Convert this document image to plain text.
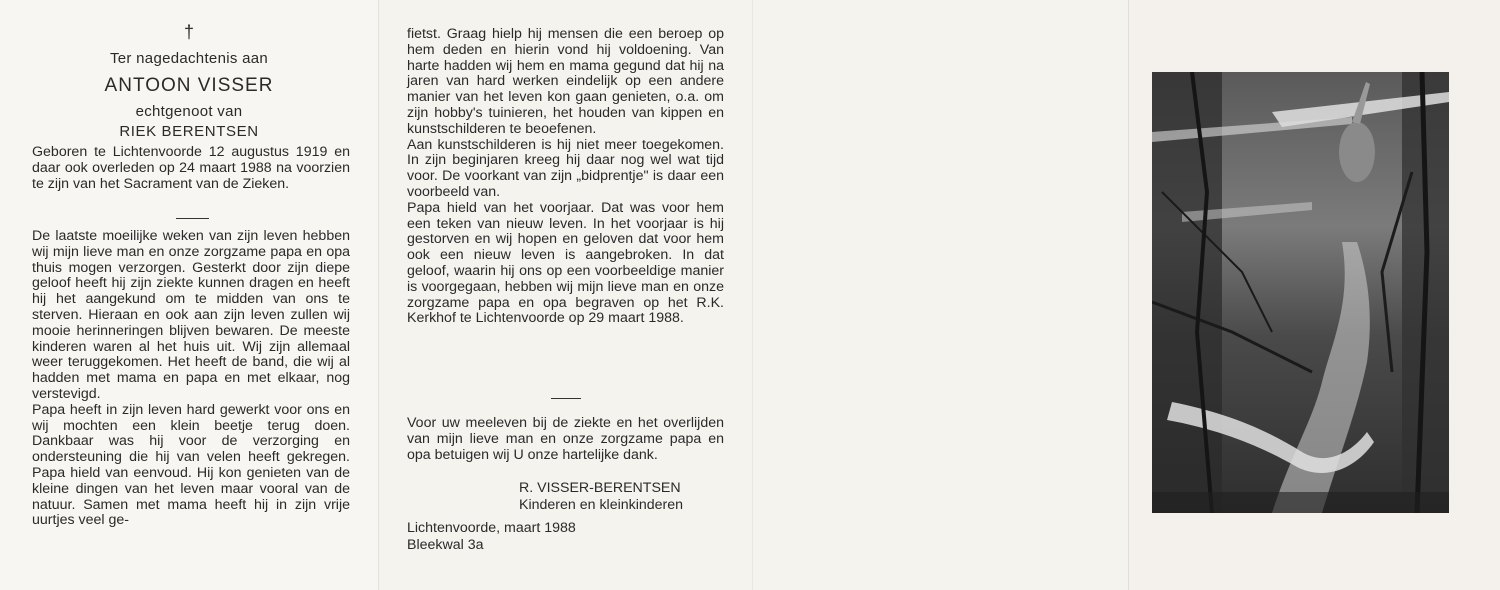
†
Ter nagedachtenis aan
ANTOON VISSER
echtgenoot van
RIEK BERENTSEN

Geboren te Lichtenvoorde 12 augustus 1919 en daar ook overleden op 24 maart 1988 na voorzien te zijn van het Sacrament van de Zieken.

De laatste moeilijke weken van zijn leven hebben wij mijn lieve man en onze zorgzame papa en opa thuis mogen verzorgen. Gesterkt door zijn diepe geloof heeft hij zijn ziekte kunnen dragen en heeft hij het aangekund om te midden van ons te sterven. Hieraan en ook aan zijn leven zullen wij mooie herinneringen blijven bewaren. De meeste kinderen waren al het huis uit. Wij zijn allemaal weer teruggekomen. Het heeft de band, die wij al hadden met mama en papa en met elkaar, nog verstevigd.

Papa heeft in zijn leven hard gewerkt voor ons en wij mochten een klein beetje terug doen. Dankbaar was hij voor de verzorging en ondersteuning die hij van velen heeft gekregen. Papa hield van eenvoud. Hij kon genieten van de kleine dingen van het leven maar vooral van de natuur. Samen met mama heeft hij in zijn vrije uurtjes veel ge-

fietst. Graag hielp hij mensen die een beroep op hem deden en hierin vond hij voldoening. Van harte hadden wij hem en mama gegund dat hij na jaren van hard werken eindelijk op een andere manier van het leven kon gaan genieten, o.a. om zijn hobby's tuinieren, het houden van kippen en kunstschilderen te beoefenen.

Aan kunstschilderen is hij niet meer toegekomen. In zijn beginjaren kreeg hij daar nog wel wat tijd voor. De voorkant van zijn „bidprentje" is daar een voorbeeld van.

Papa hield van het voorjaar. Dat was voor hem een teken van nieuw leven. In het voorjaar is hij gestorven en wij hopen en geloven dat voor hem ook een nieuw leven is aangebroken. In dat geloof, waarin hij ons op een voorbeeldige manier is voorgegaan, hebben wij mijn lieve man en onze zorgzame papa en opa begraven op het R.K. Kerkhof te Lichtenvoorde op 29 maart 1988.

Voor uw meeleven bij de ziekte en het overlijden van mijn lieve man en onze zorgzame papa en opa betuigen wij U onze hartelijke dank.

R. VISSER-BERENTSEN
Kinderen en kleinkinderen
Lichtenvoorde, maart 1988
Bleekwal 3a
